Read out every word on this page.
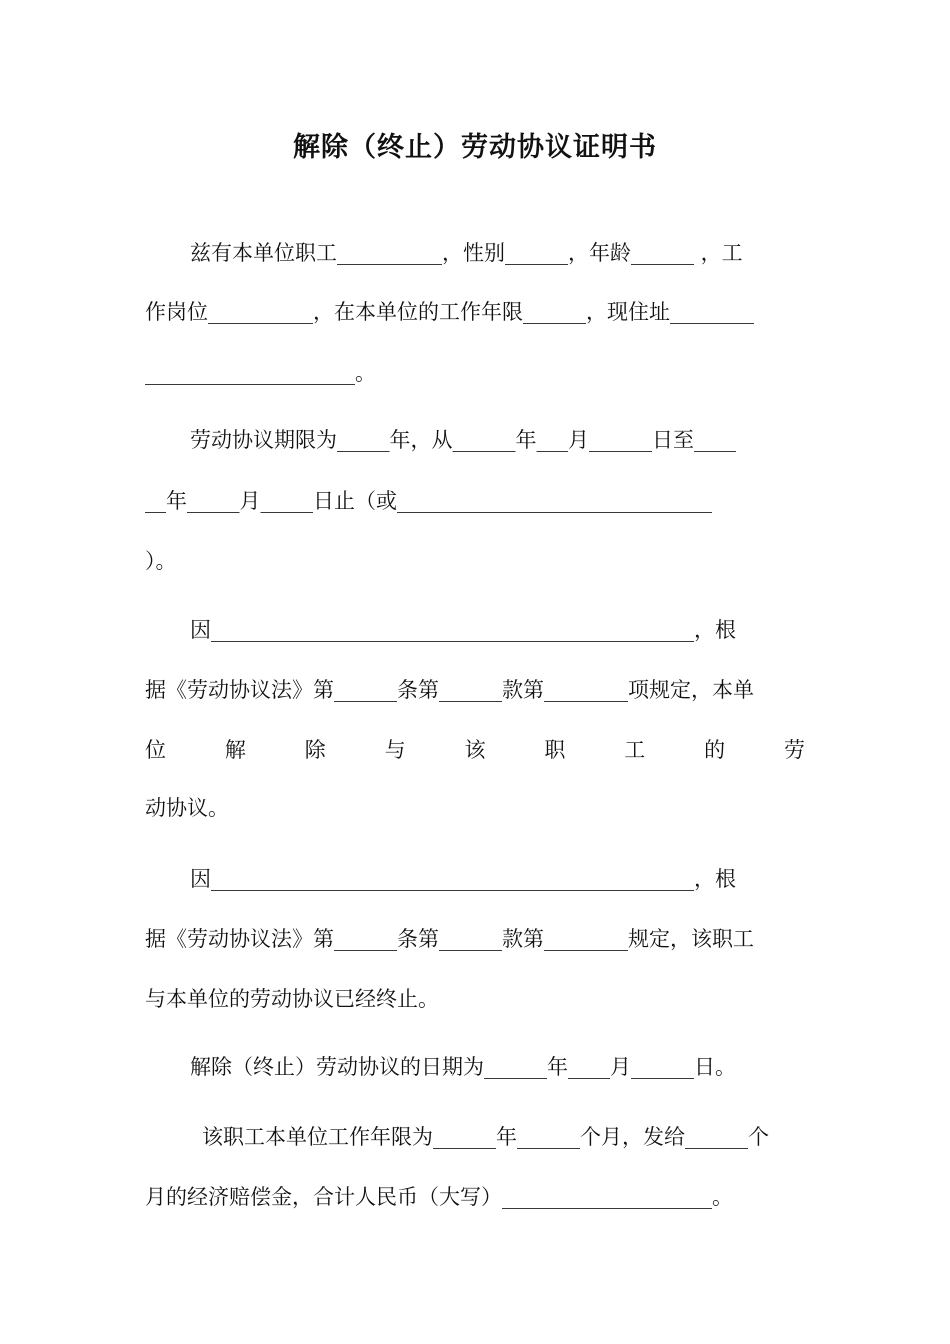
解除（终止）劳动协议证明书
兹有本单位职工__________，性别______，年龄______ ，工
作岗位__________，在本单位的工作年限______，现住址________
____________________。
劳动协议期限为_____年，从______年___月______日至____
__年_____月_____日止（或______________________________
）。
因______________________________________________，根
据《劳动协议法》第______条第______款第________项规定，本单
位	解	除	与	该	职	工	的	劳
动协议。
因______________________________________________，根
据《劳动协议法》第______条第______款第________规定，该职工
与本单位的劳动协议已经终止。
解除（终止）劳动协议的日期为______年____月______日。
该职工本单位工作年限为______年______个月，发给______个
月的经济赔偿金，合计人民币（大写）____________________。
